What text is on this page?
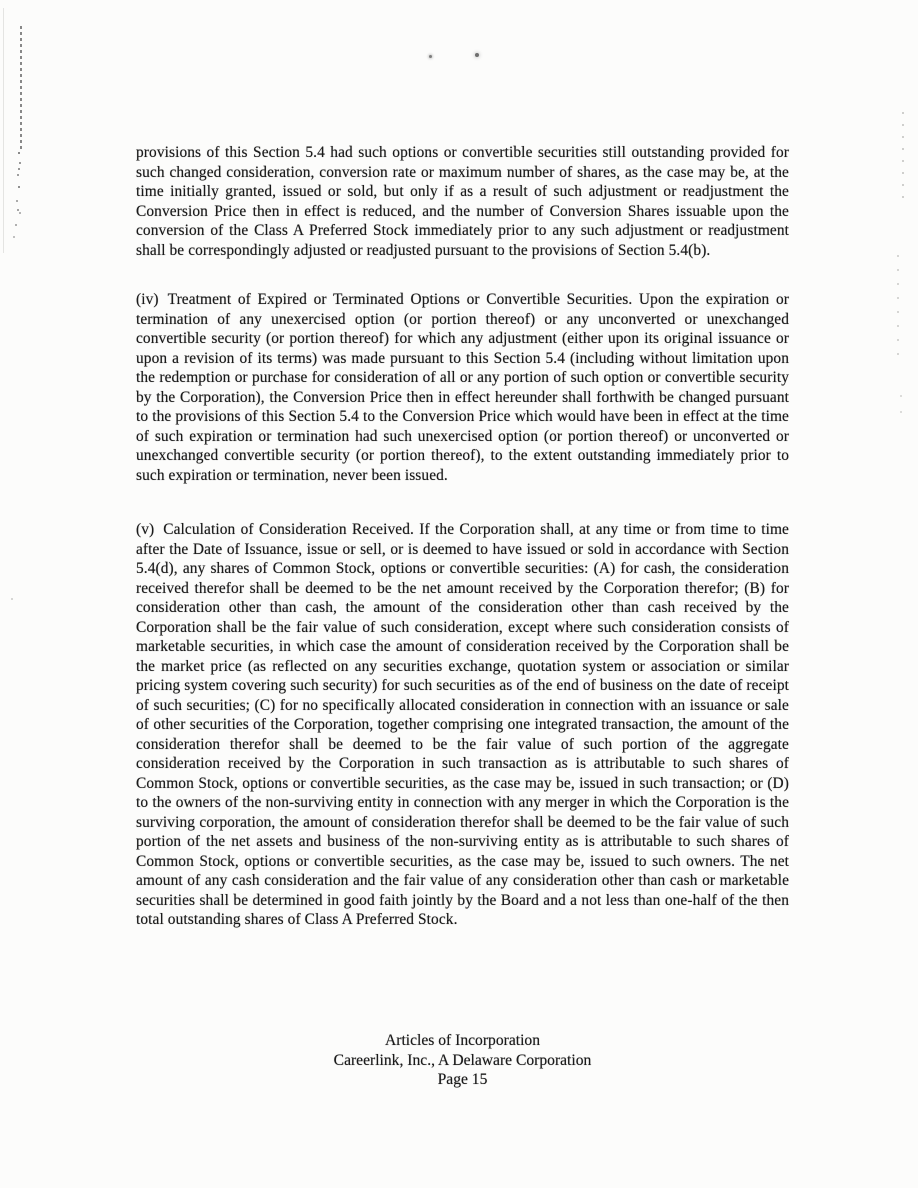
provisions of this Section 5.4 had such options or convertible securities still outstanding provided for such changed consideration, conversion rate or maximum number of shares, as the case may be, at the time initially granted, issued or sold, but only if as a result of such adjustment or readjustment the Conversion Price then in effect is reduced, and the number of Conversion Shares issuable upon the conversion of the Class A Preferred Stock immediately prior to any such adjustment or readjustment shall be correspondingly adjusted or readjusted pursuant to the provisions of Section 5.4(b).

(iv) Treatment of Expired or Terminated Options or Convertible Securities. Upon the expiration or termination of any unexercised option (or portion thereof) or any unconverted or unexchanged convertible security (or portion thereof) for which any adjustment (either upon its original issuance or upon a revision of its terms) was made pursuant to this Section 5.4 (including without limitation upon the redemption or purchase for consideration of all or any portion of such option or convertible security by the Corporation), the Conversion Price then in effect hereunder shall forthwith be changed pursuant to the provisions of this Section 5.4 to the Conversion Price which would have been in effect at the time of such expiration or termination had such unexercised option (or portion thereof) or unconverted or unexchanged convertible security (or portion thereof), to the extent outstanding immediately prior to such expiration or termination, never been issued.

(v) Calculation of Consideration Received. If the Corporation shall, at any time or from time to time after the Date of Issuance, issue or sell, or is deemed to have issued or sold in accordance with Section 5.4(d), any shares of Common Stock, options or convertible securities: (A) for cash, the consideration received therefor shall be deemed to be the net amount received by the Corporation therefor; (B) for consideration other than cash, the amount of the consideration other than cash received by the Corporation shall be the fair value of such consideration, except where such consideration consists of marketable securities, in which case the amount of consideration received by the Corporation shall be the market price (as reflected on any securities exchange, quotation system or association or similar pricing system covering such security) for such securities as of the end of business on the date of receipt of such securities; (C) for no specifically allocated consideration in connection with an issuance or sale of other securities of the Corporation, together comprising one integrated transaction, the amount of the consideration therefor shall be deemed to be the fair value of such portion of the aggregate consideration received by the Corporation in such transaction as is attributable to such shares of Common Stock, options or convertible securities, as the case may be, issued in such transaction; or (D) to the owners of the non-surviving entity in connection with any merger in which the Corporation is the surviving corporation, the amount of consideration therefor shall be deemed to be the fair value of such portion of the net assets and business of the non-surviving entity as is attributable to such shares of Common Stock, options or convertible securities, as the case may be, issued to such owners. The net amount of any cash consideration and the fair value of any consideration other than cash or marketable securities shall be determined in good faith jointly by the Board and a not less than one-half of the then total outstanding shares of Class A Preferred Stock.

Articles of Incorporation
Careerlink, Inc., A Delaware Corporation
Page 15
